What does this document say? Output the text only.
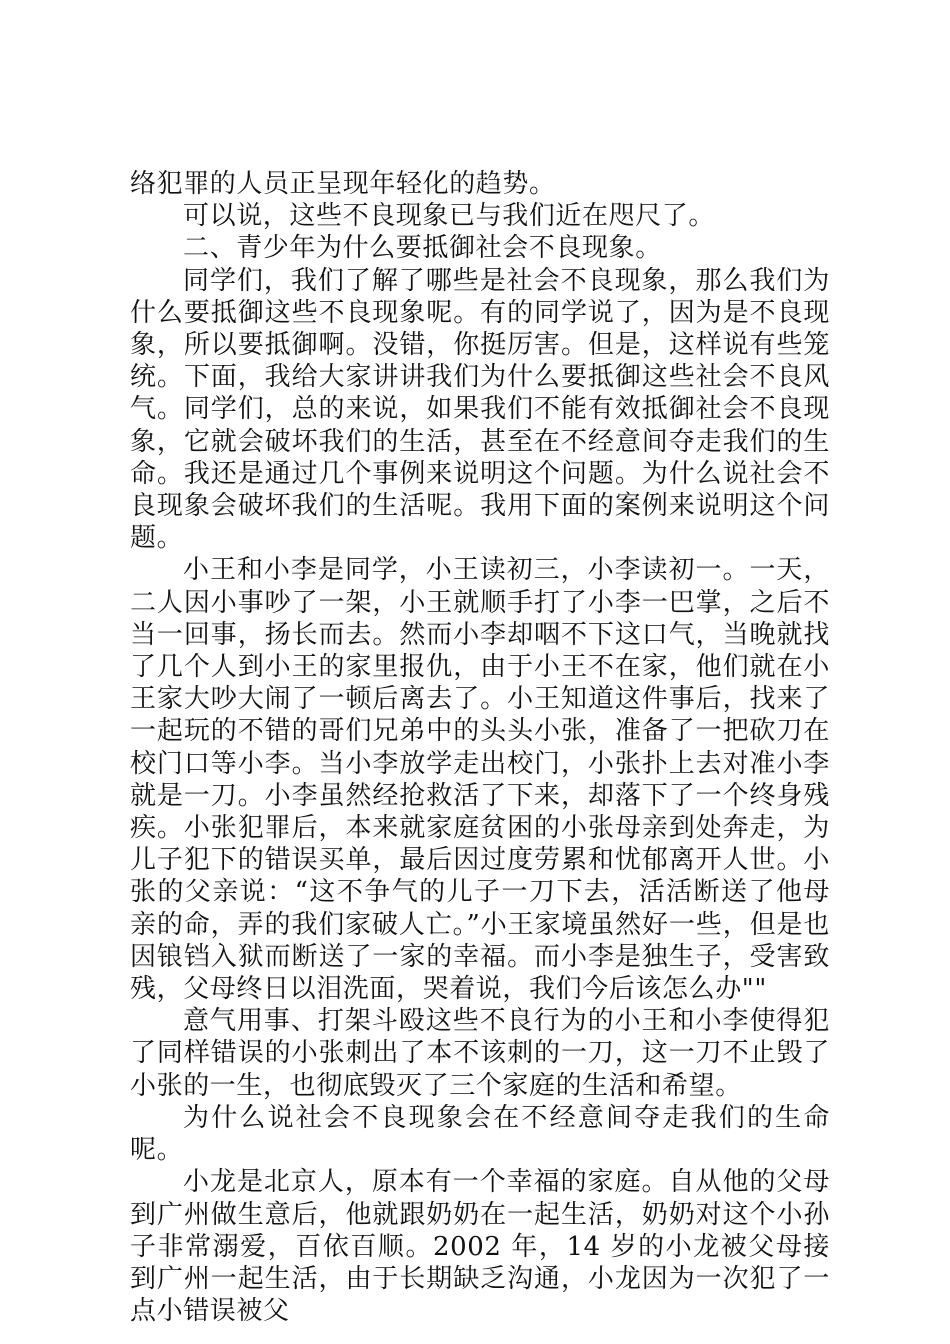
络犯罪的人员正呈现年轻化的趋势。

可以说，这些不良现象已与我们近在咫尺了。

二、青少年为什么要抵御社会不良现象。

同学们，我们了解了哪些是社会不良现象，那么我们为什么要抵御这些不良现象呢。有的同学说了，因为是不良现象，所以要抵御啊。没错，你挺厉害。但是，这样说有些笼统。下面，我给大家讲讲我们为什么要抵御这些社会不良风气。同学们，总的来说，如果我们不能有效抵御社会不良现象，它就会破坏我们的生活，甚至在不经意间夺走我们的生命。我还是通过几个事例来说明这个问题。为什么说社会不良现象会破坏我们的生活呢。我用下面的案例来说明这个问题。

小王和小李是同学，小王读初三，小李读初一。一天，二人因小事吵了一架，小王就顺手打了小李一巴掌，之后不当一回事，扬长而去。然而小李却咽不下这口气，当晚就找了几个人到小王的家里报仇，由于小王不在家，他们就在小王家大吵大闹了一顿后离去了。小王知道这件事后，找来了一起玩的不错的哥们兄弟中的头头小张，准备了一把砍刀在校门口等小李。当小李放学走出校门，小张扑上去对准小李就是一刀。小李虽然经抢救活了下来，却落下了一个终身残疾。小张犯罪后，本来就家庭贫困的小张母亲到处奔走，为儿子犯下的错误买单，最后因过度劳累和忧郁离开人世。小张的父亲说：“这不争气的儿子一刀下去，活活断送了他母亲的命，弄的我们家破人亡。”小王家境虽然好一些，但是也因锒铛入狱而断送了一家的幸福。而小李是独生子，受害致残，父母终日以泪洗面，哭着说，我们今后该怎么办""

意气用事、打架斗殴这些不良行为的小王和小李使得犯了同样错误的小张刺出了本不该刺的一刀，这一刀不止毁了小张的一生，也彻底毁灭了三个家庭的生活和希望。

为什么说社会不良现象会在不经意间夺走我们的生命呢。

小龙是北京人，原本有一个幸福的家庭。自从他的父母到广州做生意后，他就跟奶奶在一起生活，奶奶对这个小孙子非常溺爱，百依百顺。2002 年，14 岁的小龙被父母接到广州一起生活，由于长期缺乏沟通，小龙因为一次犯了一点小错误被父
